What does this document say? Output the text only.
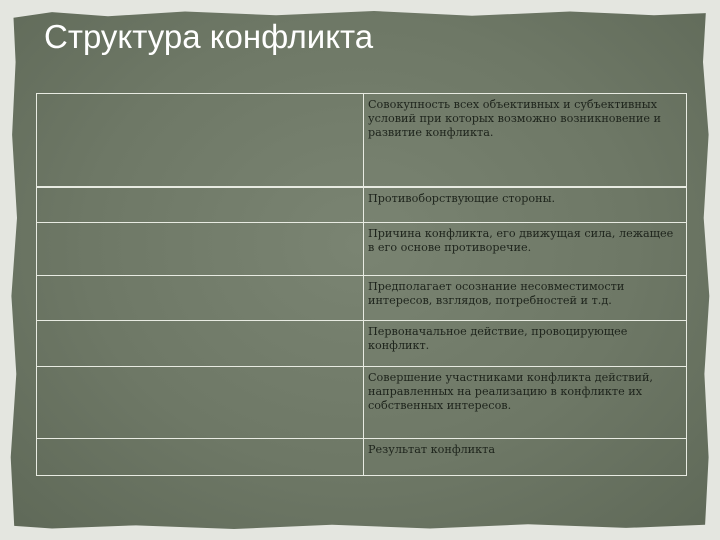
Структура конфликта
Совокупность всех объективных и субъективных условий при которых возможно возникновение и развитие конфликта.
Противоборствующие стороны.
Причина конфликта, его движущая сила, лежащее в его основе противоречие.
Предполагает осознание несовместимости интересов, взглядов, потребностей и т.д.
Первоначальное действие, провоцирующее конфликт.
Совершение участниками конфликта действий, направленных на реализацию в конфликте их собственных интересов.
Результат конфликта
